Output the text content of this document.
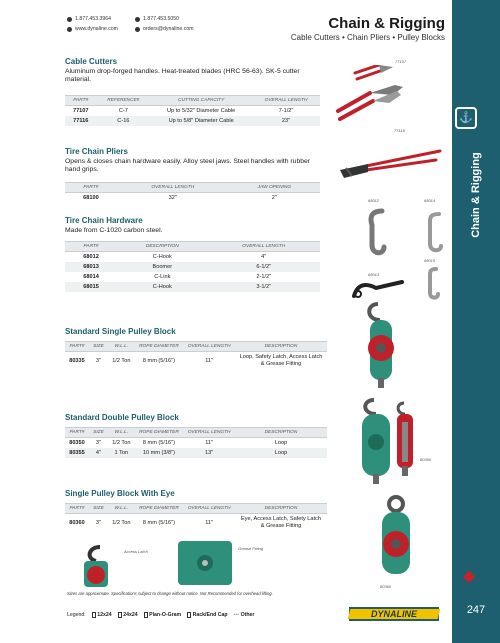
1.877.453.3964	1.877.453.5050
www.dynaline.com	orders@dynaline.com	Chain & Rigging
Cable Cutters • Chain Pliers • Pulley Blocks
⚓
Chain & Rigging
247
Cable Cutters
Aluminum drop-forged handles. Heat-treated blades (HRC 56-63). SK-5 cutter material.
PART#	REFERENCE#	CUTTING CAPACITY	OVERALL LENGTH
77107	C-7	Up to 5/32" Diameter Cable	7-1/2"
77116	C-16	Up to 5/8" Diameter Cable	23"
77107
77116
Tire Chain Pliers
Opens & closes chain hardware easily. Alloy steel jaws. Steel handles with rubber hand grips.
PART#	OVERALL LENGTH	JAW OPENING
68100	32"	2"
Tire Chain Hardware
Made from C-1020 carbon steel.
PART#	DESCRIPTION	OVERALL LENGTH
68012	C-Hook	4"
68013	Boomer	6-1/2"
68014	C-Link	2-1/2"
68015	C-Hook	3-1/2"
68012	68014
68013
68015
Standard Single Pulley Block
PART#	SIZE	W.L.L.	ROPE DIAMETER	OVERALL LENGTH	DESCRIPTION
80335	3"	1/2 Ton	8 mm (5/16")	11"	Loop, Safety Latch, Access Latch & Grease Fitting
Standard Double Pulley Block
PART#	SIZE	W.L.L.	ROPE DIAMETER	OVERALL LENGTH	DESCRIPTION
80350	3"	1/2 Ton	8 mm (5/16")	11"	Loop
80355	4"	1 Ton	10 mm (3/8")	13"	Loop
80350
Single Pulley Block With Eye
PART#	SIZE	W.L.L.	ROPE DIAMETER	OVERALL LENGTH	DESCRIPTION
80360	3"	1/2 Ton	8 mm (5/16")	11"	Eye, Access Latch, Safety Latch & Grease Fitting
80360
Access Latch
Grease Fitting
Sizes are approximate. Specifications subject to change without notice. Not Recommended for overhead lifting.
Legend: 12x24 24x24 Plan-O-Gram Rack/End Cap ◦◦◦ Other	DYNALINE
